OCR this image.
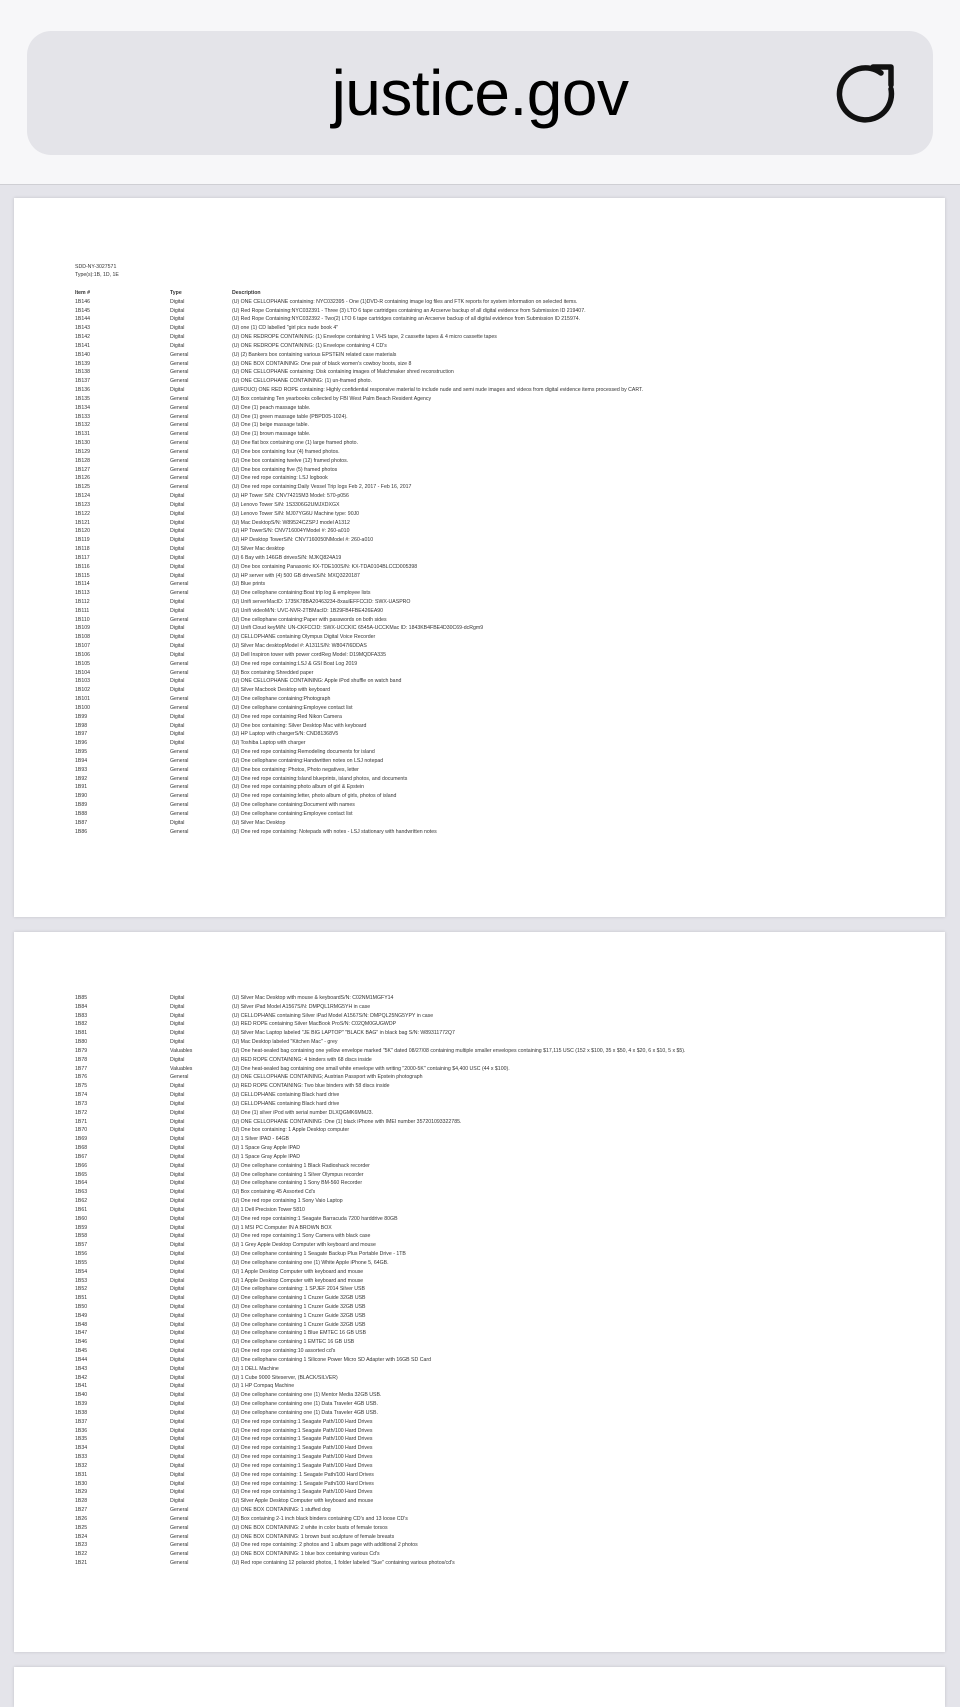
justice.gov
SDD-NY-3027571
Type(s):1B, 1D, 1E
Item #	Type	Description
1B146	Digital	(U) ONE CELLOPHANE containing: NYC032395 - One (1)DVD-R containing image log files and FTK reports for system information on selected items.
1B145	Digital	(U) Red Rope Containing:NYC032391 - Three (3) LTO 6 tape cartridges containing an Arcserve backup of all digital evidence from Submission ID 219407.
1B144	Digital	(U) Red Rope Containing:NYC032392 - Two(2) LTO 6 tape cartridges containing an Arcserve backup of all digital evidence from Submission ID 215974.
1B143	Digital	(U) one (1) CD labelled "girl pics nude book 4"
1B142	Digital	(U) ONE REDROPE CONTAINING: (1) Envelope containing 1 VHS tape, 2 cassette tapes & 4 micro cassette tapes
1B141	Digital	(U) ONE REDROPE CONTAINING: (1) Envelope containing 4 CD's
1B140	General	(U) (2) Bankers box containing various EPSTEIN related case materials
1B139	General	(U) ONE BOX CONTAINING: One pair of black women's cowboy boots, size 8
1B138	General	(U) ONE CELLOPHANE containing: Disk containing images of Matchmaker shred reconstruction
1B137	General	(U) ONE CELLOPHANE CONTAINING: (1) un-framed photo.
1B136	Digital	(U//FOUO) ONE RED ROPE containing: Highly confidential responsive material to include nude and semi nude images and videos from digital evidence items processed by CART.
1B135	General	(U) Box containing Ten yearbooks collected by FBI West Palm Beach Resident Agency
1B134	General	(U) One (1) peach massage table.
1B133	General	(U) One (1) green massage table (PBPD05-1024).
1B132	General	(U) One (1) beige massage table.
1B131	General	(U) One (1) brown massage table.
1B130	General	(U) One flat box containing one (1) large framed photo.
1B129	General	(U) One box containing four (4) framed photos.
1B128	General	(U) One box containing twelve (12) framed photos.
1B127	General	(U) One box containing five (5) framed photos
1B126	General	(U) One red rope containing: LSJ logbook
1B125	General	(U) One red rope containing:Daily Vessel Trip logs Feb 2, 2017 - Feb 16, 2017
1B124	Digital	(U) HP Tower S/N: CNV74215M3 Model: 570-p056
1B123	Digital	(U) Lenovo Tower S/N: 1S3306G2UMJXDXGX
1B122	Digital	(U) Lenovo Tower S/N: MJ07YG6U Machine type: 90J0
1B121	Digital	(U) Mac DesktopS/N: W89524CZSPJ model A1312
1B120	Digital	(U) HP TowerS/N: CNV716004YModel #: 260-a010
1B119	Digital	(U) HP Desktop TowerS/N: CNV7160050NModel #: 260-a010
1B118	Digital	(U) Silver Mac desktop
1B117	Digital	(U) 6 Bay with 146GB drivesS/N: MJKQ824A19
1B116	Digital	(U) One box containing Panasonic KX-TDE100S/N: KX-TDA0104BLCCD005398
1B115	Digital	(U) HP server with (4) 500 GB drivesS/N: MXQ3220187
1B114	General	(U) Blue prints
1B113	General	(U) One cellophane containing:Boat trip log & employee lists
1B112	Digital	(U) Unifi serverMacID: 1735K78BA20463234-8xaulEFFCCID: SWX-UASPRO
1B111	Digital	(U) Unifi videoM/N: UVC-NVR-2TBMacID: 1B29FB4FBE426EA90
1B110	General	(U) One cellophane containing:Paper with passwords on both sides
1B109	Digital	(U) Unifi Cloud keyM/N: UN-CKFCCID: SWX-UCCKIC 6545A-UCCKMac ID: 1843KB4FBE4D30C69-dcRgm9
1B108	Digital	(U) CELLOPHANE containing Olympus Digital Voice Recorder
1B107	Digital	(U) Silver Mac desktopModel #: A1311S/N: W8047I6DDAS
1B106	Digital	(U) Dell Inspiron tower with power cordReg Model: D19MQDFA335
1B105	General	(U) One red rope containing:LSJ & GSI Boat Log 2019
1B104	General	(U) Box containing Shredded paper
1B103	Digital	(U) ONE CELLOPHANE CONTAINING: Apple iPod shuffle on watch band
1B102	Digital	(U) Silver Macbook Desktop with keyboard
1B101	General	(U) One cellophane containing:Photograph
1B100	General	(U) One cellophane containing:Employee contact list
1B99	Digital	(U) One red rope containing:Red Nikon Camera
1B98	Digital	(U) One box containing: Silver Desktop Mac with keyboard
1B97	Digital	(U) HP Laptop with chargerS/N: CND81368V5
1B96	Digital	(U) Toshiba Laptop with charger
1B95	General	(U) One red rope containing:Remodeling documents for island
1B94	General	(U) One cellophane containing:Handwritten notes on LSJ notepad
1B93	General	(U) One box containing: Photos, Photo negatives, letter
1B92	General	(U) One red rope containing:Island blueprints, island photos, and documents
1B91	General	(U) One red rope containing:photo album of girl & Epstein
1B90	General	(U) One red rope containing:letter, photo album of girls, photos of island
1B89	General	(U) One cellophane containing:Document with names
1B88	General	(U) One cellophane containing:Employee contact list
1B87	Digital	(U) Silver Mac Desktop
1B86	General	(U) One red rope containing: Notepads with notes - LSJ stationary with handwritten notes
1B85	Digital	(U) Silver Mac Desktop with mouse & keyboardS/N: C02NM1MGFY14
1B84	Digital	(U) Silver iPad Model A1567S/N: DMPQL1RMG5YH in case
1B83	Digital	(U) CELLOPHANE containing Silver iPad Model A1567S/N: DMPQL25NG5YPY in case
1B82	Digital	(U) RED ROPE containing Silver MacBook ProS/N: C02QM0GUGWDP
1B81	Digital	(U) Silver Mac Laptop labeled "JE BIG LAPTOP" "BLACK BAG" in black bag S/N: W89311772Q7
1B80	Digital	(U) Mac Desktop labeled "Kitchen Mac" - grey
1B79	Valuables	(U) One heat-sealed bag containing one yellow envelope marked "5K" dated 08/27/08 containing multiple smaller envelopes containing $17,115 USC (152 x $100, 35 x $50, 4 x $20, 6 x $10, 5 x $5).
1B78	Digital	(U) RED ROPE CONTAINING: 4 binders with 68 discs inside
1B77	Valuables	(U) One heat-sealed bag containing one small white envelope with writing "2000-5K" containing $4,400 USC (44 x $100).
1B76	General	(U) ONE CELLOPHANE CONTAINING; Austrian Passport with Epstein photograph
1B75	Digital	(U) RED ROPE CONTAINING: Two blue binders with 58 discs inside
1B74	Digital	(U) CELLOPHANE containing Black hard drive
1B73	Digital	(U) CELLOPHANE containing Black hard drive
1B72	Digital	(U) One (1) silver iPod with serial number DLXQGMK6MMJ3.
1B71	Digital	(U) ONE CELLOPHANE CONTAINING :One (1) black iPhone with IMEI number 357201093322785.
1B70	Digital	(U) One box containing: 1 Apple Desktop computer
1B69	Digital	(U) 1 Silver IPAD - 64GB
1B68	Digital	(U) 1 Space Gray Apple IPAD
1B67	Digital	(U) 1 Space Gray Apple IPAD
1B66	Digital	(U) One cellophane containing 1 Black Radioshack recorder
1B65	Digital	(U) One cellophane containing 1 Silver Olympus recorder
1B64	Digital	(U) One cellophane containing 1 Sony BM-560 Recorder
1B63	Digital	(U) Box containing 45 Assorted Cd's
1B62	Digital	(U) One red rope containing 1 Sony Vaio Laptop
1B61	Digital	(U) 1 Dell Precision Tower 5810
1B60	Digital	(U) One red rope containing:1 Seagate Barracuda 7200 harddrive 80GB
1B59	Digital	(U) 1 MSI PC Computer IN A BROWN BOX
1B58	Digital	(U) One red rope containing:1 Sony Camera with black case
1B57	Digital	(U) 1 Grey Apple Desktop Computer with keyboard and mouse
1B56	Digital	(U) One cellophane containing 1 Seagate Backup Plus Portable Drive - 1TB
1B55	Digital	(U) One cellophane containing one (1) White Apple iPhone 5, 64GB.
1B54	Digital	(U) 1 Apple Desktop Computer with keyboard and mouse
1B53	Digital	(U) 1 Apple Desktop Computer with keyboard and mouse
1B52	Digital	(U) One cellophane containing: 1 SPJEF 2014 Silver USB
1B51	Digital	(U) One cellophane containing 1 Cruzer Guide 32GB USB
1B50	Digital	(U) One cellophane containing 1 Cruzer Guide 32GB USB
1B49	Digital	(U) One cellophane containing 1 Cruzer Guide 32GB USB
1B48	Digital	(U) One cellophane containing 1 Cruzer Guide 32GB USB
1B47	Digital	(U) One cellophane containing 1 Blue EMTEC 16 GB USB
1B46	Digital	(U) One cellophane containing 1 EMTEC 16 GB USB
1B45	Digital	(U) One red rope containing:10 assorted cd's
1B44	Digital	(U) One cellophane containing 1 Silicone Power Micro SD Adapter with 16GB SD Card
1B43	Digital	(U) 1 DELL Machine
1B42	Digital	(U) 1 Cube 9000 Siteserver, (BLACK/SILVER)
1B41	Digital	(U) 1 HP Compaq Machine
1B40	Digital	(U) One cellophane containing one (1) Mentor Media 32GB USB.
1B39	Digital	(U) One cellophane containing one (1) Data Traveler 4GB USB.
1B38	Digital	(U) One cellophane containing one (1) Data Traveler 4GB USB.
1B37	Digital	(U) One red rope containing:1 Seagate Path/100 Hard Drives
1B36	Digital	(U) One red rope containing:1 Seagate Path/100 Hard Drives
1B35	Digital	(U) One red rope containing:1 Seagate Path/100 Hard Drives
1B34	Digital	(U) One red rope containing:1 Seagate Path/100 Hard Drives
1B33	Digital	(U) One red rope containing:1 Seagate Path/100 Hard Drives
1B32	Digital	(U) One red rope containing:1 Seagate Path/100 Hard Drives
1B31	Digital	(U) One red rope containing: 1 Seagate Path/100 Hard Drives
1B30	Digital	(U) One red rope containing: 1 Seagate Path/100 Hard Drives
1B29	Digital	(U) One red rope containing:1 Seagate Path/100 Hard Drives
1B28	Digital	(U) Silver Apple Desktop Computer with keyboard and mouse
1B27	General	(U) ONE BOX CONTAINING: 1 stuffed dog
1B26	General	(U) Box containing 2-1 inch black binders containing CD's and 13 loose CD's
1B25	General	(U) ONE BOX CONTAINING: 2 white in color busts of female torsos
1B24	General	(U) ONE BOX CONTAINING: 1 brown bust sculpture of female breasts
1B23	General	(U) One red rope containing: 2 photos and 1 album page with additional 2 photos
1B22	General	(U) ONE BOX CONTAINING: 1 blue box containing various Cd's
1B21	General	(U) Red rope containing 12 polaroid photos, 1 folder labeled "Sue" containing various photos/cd's
